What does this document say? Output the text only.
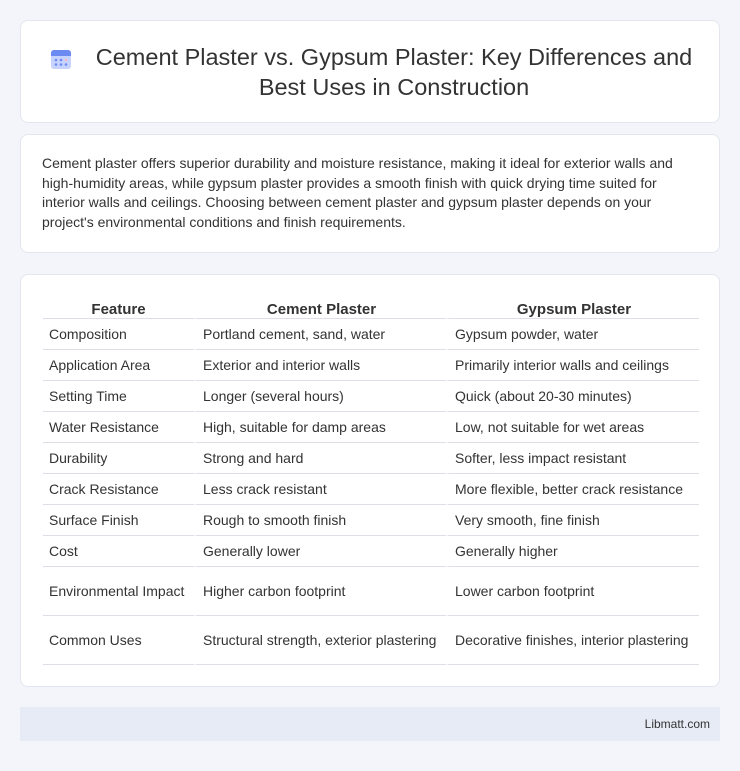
Cement Plaster vs. Gypsum Plaster: Key Differences and Best Uses in Construction

Cement plaster offers superior durability and moisture resistance, making it ideal for exterior walls and high-humidity areas, while gypsum plaster provides a smooth finish with quick drying time suited for interior walls and ceilings. Choosing between cement plaster and gypsum plaster depends on your project's environmental conditions and finish requirements.

Feature	Cement Plaster	Gypsum Plaster
Composition	Portland cement, sand, water	Gypsum powder, water
Application Area	Exterior and interior walls	Primarily interior walls and ceilings
Setting Time	Longer (several hours)	Quick (about 20-30 minutes)
Water Resistance	High, suitable for damp areas	Low, not suitable for wet areas
Durability	Strong and hard	Softer, less impact resistant
Crack Resistance	Less crack resistant	More flexible, better crack resistance
Surface Finish	Rough to smooth finish	Very smooth, fine finish
Cost	Generally lower	Generally higher
Environmental Impact	Higher carbon footprint	Lower carbon footprint
Common Uses	Structural strength, exterior plastering	Decorative finishes, interior plastering
Libmatt.com
